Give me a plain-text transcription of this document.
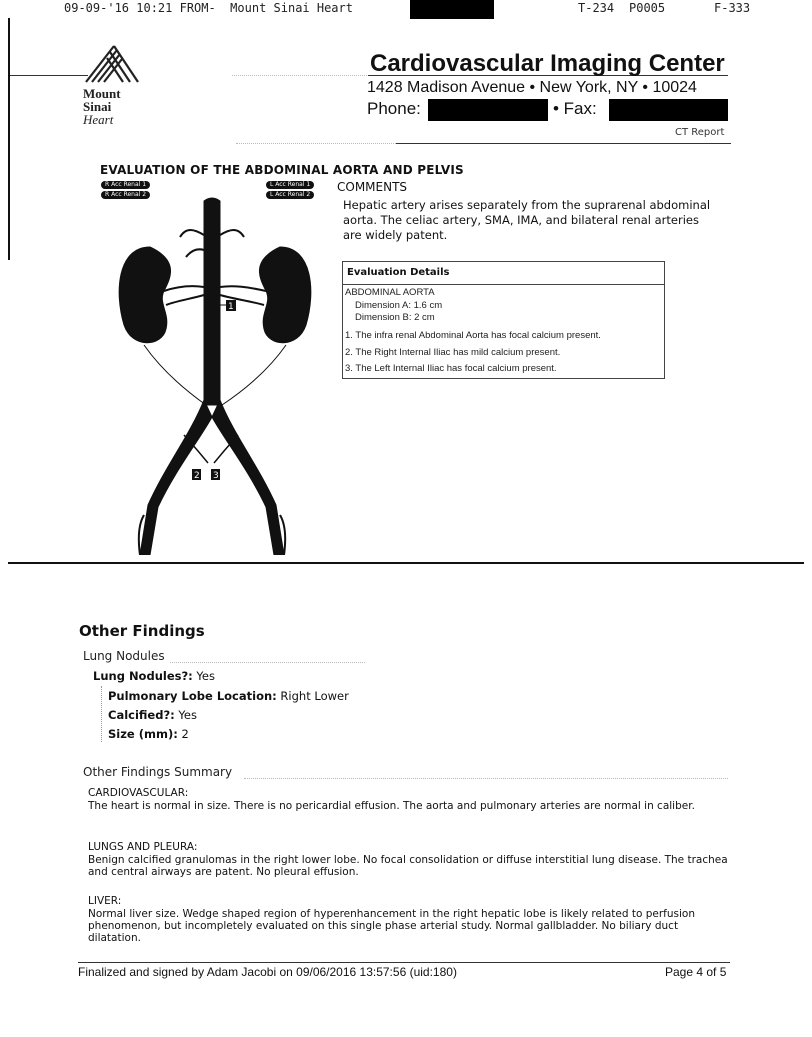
09-09-'16 10:21 FROM-  Mount Sinai Heart	T-234 P0005	F-333
Mount
Sinai
Heart
Cardiovascular Imaging Center
1428 Madison Avenue • New York, NY • 10024
Phone:	• Fax:
CT Report
EVALUATION OF THE ABDOMINAL AORTA AND PELVIS
R Acc Renal 1
R Acc Renal 2
L Acc Renal 1
L Acc Renal 2
1
2 3
COMMENTS
Hepatic artery arises separately from the suprarenal abdominal aorta. The celiac artery, SMA, IMA, and bilateral renal arteries are widely patent.
Evaluation Details
ABDOMINAL AORTA
Dimension A: 1.6 cm
Dimension B: 2 cm
1. The infra renal Abdominal Aorta has focal calcium present.
2. The Right Internal Iliac has mild calcium present.
3. The Left Internal Iliac has focal calcium present.
Other Findings
Lung Nodules
Lung Nodules?: Yes
Pulmonary Lobe Location: Right Lower
Calcified?: Yes
Size (mm): 2
Other Findings Summary
CARDIOVASCULAR:
The heart is normal in size. There is no pericardial effusion. The aorta and pulmonary arteries are normal in caliber.
LUNGS AND PLEURA:
Benign calcified granulomas in the right lower lobe. No focal consolidation or diffuse interstitial lung disease. The trachea and central airways are patent. No pleural effusion.
LIVER:
Normal liver size. Wedge shaped region of hyperenhancement in the right hepatic lobe is likely related to perfusion phenomenon, but incompletely evaluated on this single phase arterial study. Normal gallbladder. No biliary duct dilatation.
Finalized and signed by Adam Jacobi on 09/06/2016 13:57:56 (uid:180)	Page 4 of 5
